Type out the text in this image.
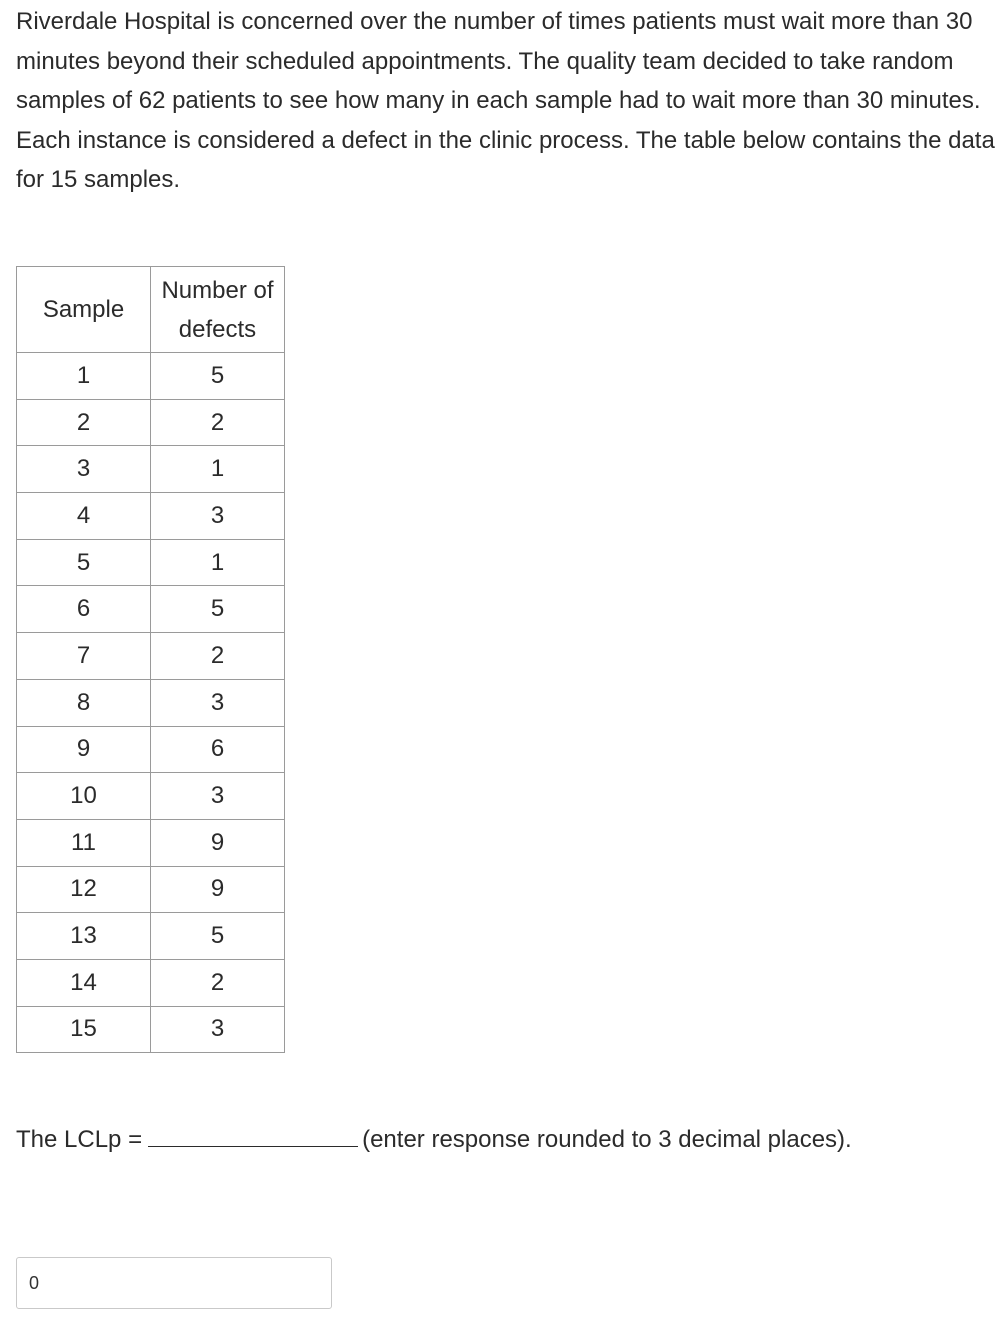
Riverdale Hospital is concerned over the number of times patients must wait more than 30 minutes beyond their scheduled appointments. The quality team decided to take random samples of 62 patients to see how many in each sample had to wait more than 30 minutes. Each instance is considered a defect in the clinic process. The table below contains the data for 15 samples.

Sample	Number of
defects
1	5
2	2
3	1
4	3
5	1
6	5
7	2
8	3
9	6
10	3
11	9
12	9
13	5
14	2
15	3
The LCLp =	(enter response rounded to 3 decimal places).
0
